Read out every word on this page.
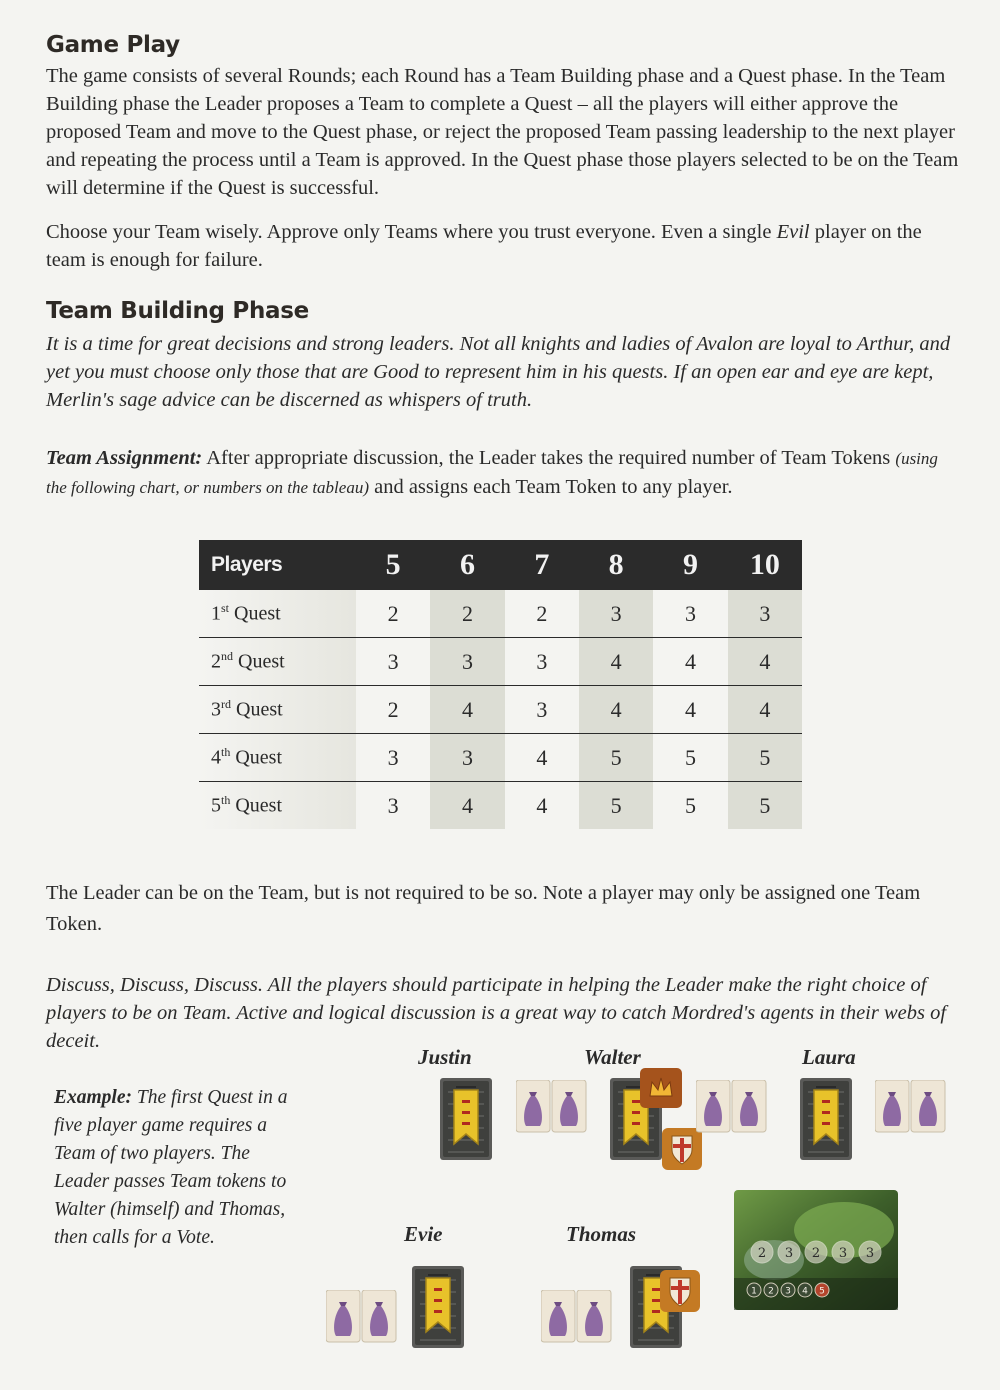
Game Play

The game consists of several Rounds; each Round has a Team Building phase and a Quest phase. In the Team Building phase the Leader proposes a Team to complete a Quest – all the players will either approve the proposed Team and move to the Quest phase, or reject the proposed Team passing leadership to the next player and repeating the process until a Team is approved. In the Quest phase those players selected to be on the Team will determine if the Quest is successful.

Choose your Team wisely. Approve only Teams where you trust everyone. Even a single Evil player on the team is enough for failure.

Team Building Phase

It is a time for great decisions and strong leaders. Not all knights and ladies of Avalon are loyal to Arthur, and yet you must choose only those that are Good to represent him in his quests. If an open ear and eye are kept, Merlin's sage advice can be discerned as whispers of truth.

Team Assignment: After appropriate discussion, the Leader takes the required number of Team Tokens (using the following chart, or numbers on the tableau) and assigns each Team Token to any player.

Players	5	6	7	8	9	10
1st Quest	2	2	2	3	3	3
2nd Quest	3	3	3	4	4	4
3rd Quest	2	4	3	4	4	4
4th Quest	3	3	4	5	5	5
5th Quest	3	4	4	5	5	5

The Leader can be on the Team, but is not required to be so. Note a player may only be assigned one Team Token.

Discuss, Discuss, Discuss. All the players should participate in helping the Leader make the right choice of players to be on Team. Active and logical discussion is a great way to catch Mordred's agents in their webs of deceit.

Example: The first Quest in a five player game requires a Team of two players. The Leader passes Team tokens to Walter (himself) and Thomas, then calls for a Vote.

Justin	Walter	Laura
Evie	Thomas
2 3 2 3 3
1 2 3 4 5
